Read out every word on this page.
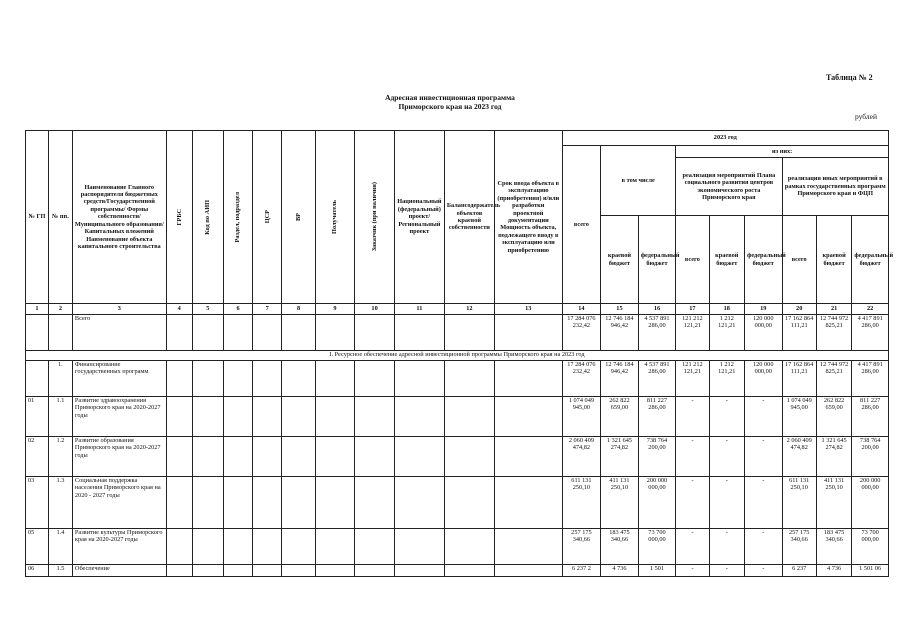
Таблица № 2
Адресная инвестиционная программа
Приморского края на 2023 год
рублей
№ ГП	№ пп.	Наименование Главного распорядителя бюджетных средств/Государственной программы/ Формы собственности/Муниципального образования/Капитальных вложений Наименование объекта капитального строительства	ГРБС	Код по АИП	Раздел, подраздел	ЦСР	ВР	Получатель	Заказчик (при наличии)	Национальный (федеральный) проект/ Региональный проект	Балансодержатель объектов краевой собственности	Срок ввода объекта в эксплуатацию (приобретения) и/или разработки проектной документации Мощность объекта, подлежащего вводу в эксплуатацию или приобретению	2023 год								
													всего	в том числе		из них:					
																реализация мероприятий Плана социального развития центров экономического роста Приморского края			реализация иных мероприятий в рамках государственных программ Приморского края и ФЦП		
														краевой бюджет	федеральный бюджет	всего	краевой бюджет	федеральный бюджет	всего	краевой бюджет	федеральный бюджет
1	2	3	4	5	6	7	8	9	10	11	12	13	14	15	16	17	18	19	20	21	22
		Всего											17 284 076 232,42	12 746 184 946,42	4 537 891 286,00	121 212 121,21	1 212 121,21	120 000 000,00	17 162 864 111,21	12 744 972 825,21	4 417 891 286,00
I. Ресурсное обеспечение адресной инвестиционной программы Приморского края на 2023 год																					
	1.	Финансирование государственных программ											17 284 076 232,42	12 746 184 946,42	4 537 891 286,00	121 212 121,21	1 212 121,21	120 000 000,00	17 162 864 111,21	12 744 972 825,21	4 417 891 286,00
01	1.1	Развитие здравоохранения Приморского края на 2020-2027 годы											1 074 049 945,00	262 822 659,00	811 227 286,00	-	-	-	1 074 049 945,00	262 822 659,00	811 227 286,00
02	1.2	Развитие образования Приморского края на 2020-2027 годы											2 060 409 474,82	1 321 645 274,82	738 764 200,00	-	-	-	2 060 409 474,82	1 321 645 274,82	738 764 200,00
03	1.3	Социальная поддержка населения Приморского края на 2020 - 2027 годы											611 131 250,10	411 131 250,10	200 000 000,00	-	-	-	611 131 250,10	411 131 250,10	200 000 000,00
05	1.4	Развитие культуры Приморского края на 2020-2027 годы											257 175 340,66	183 475 340,66	73 700 000,00	-	-	-	257 175 340,66	183 475 340,66	73 700 000,00
06	1.5	Обеспечение											6 237 2	4 736	1 501	-	-	-	6 237	4 736	1 501 06
